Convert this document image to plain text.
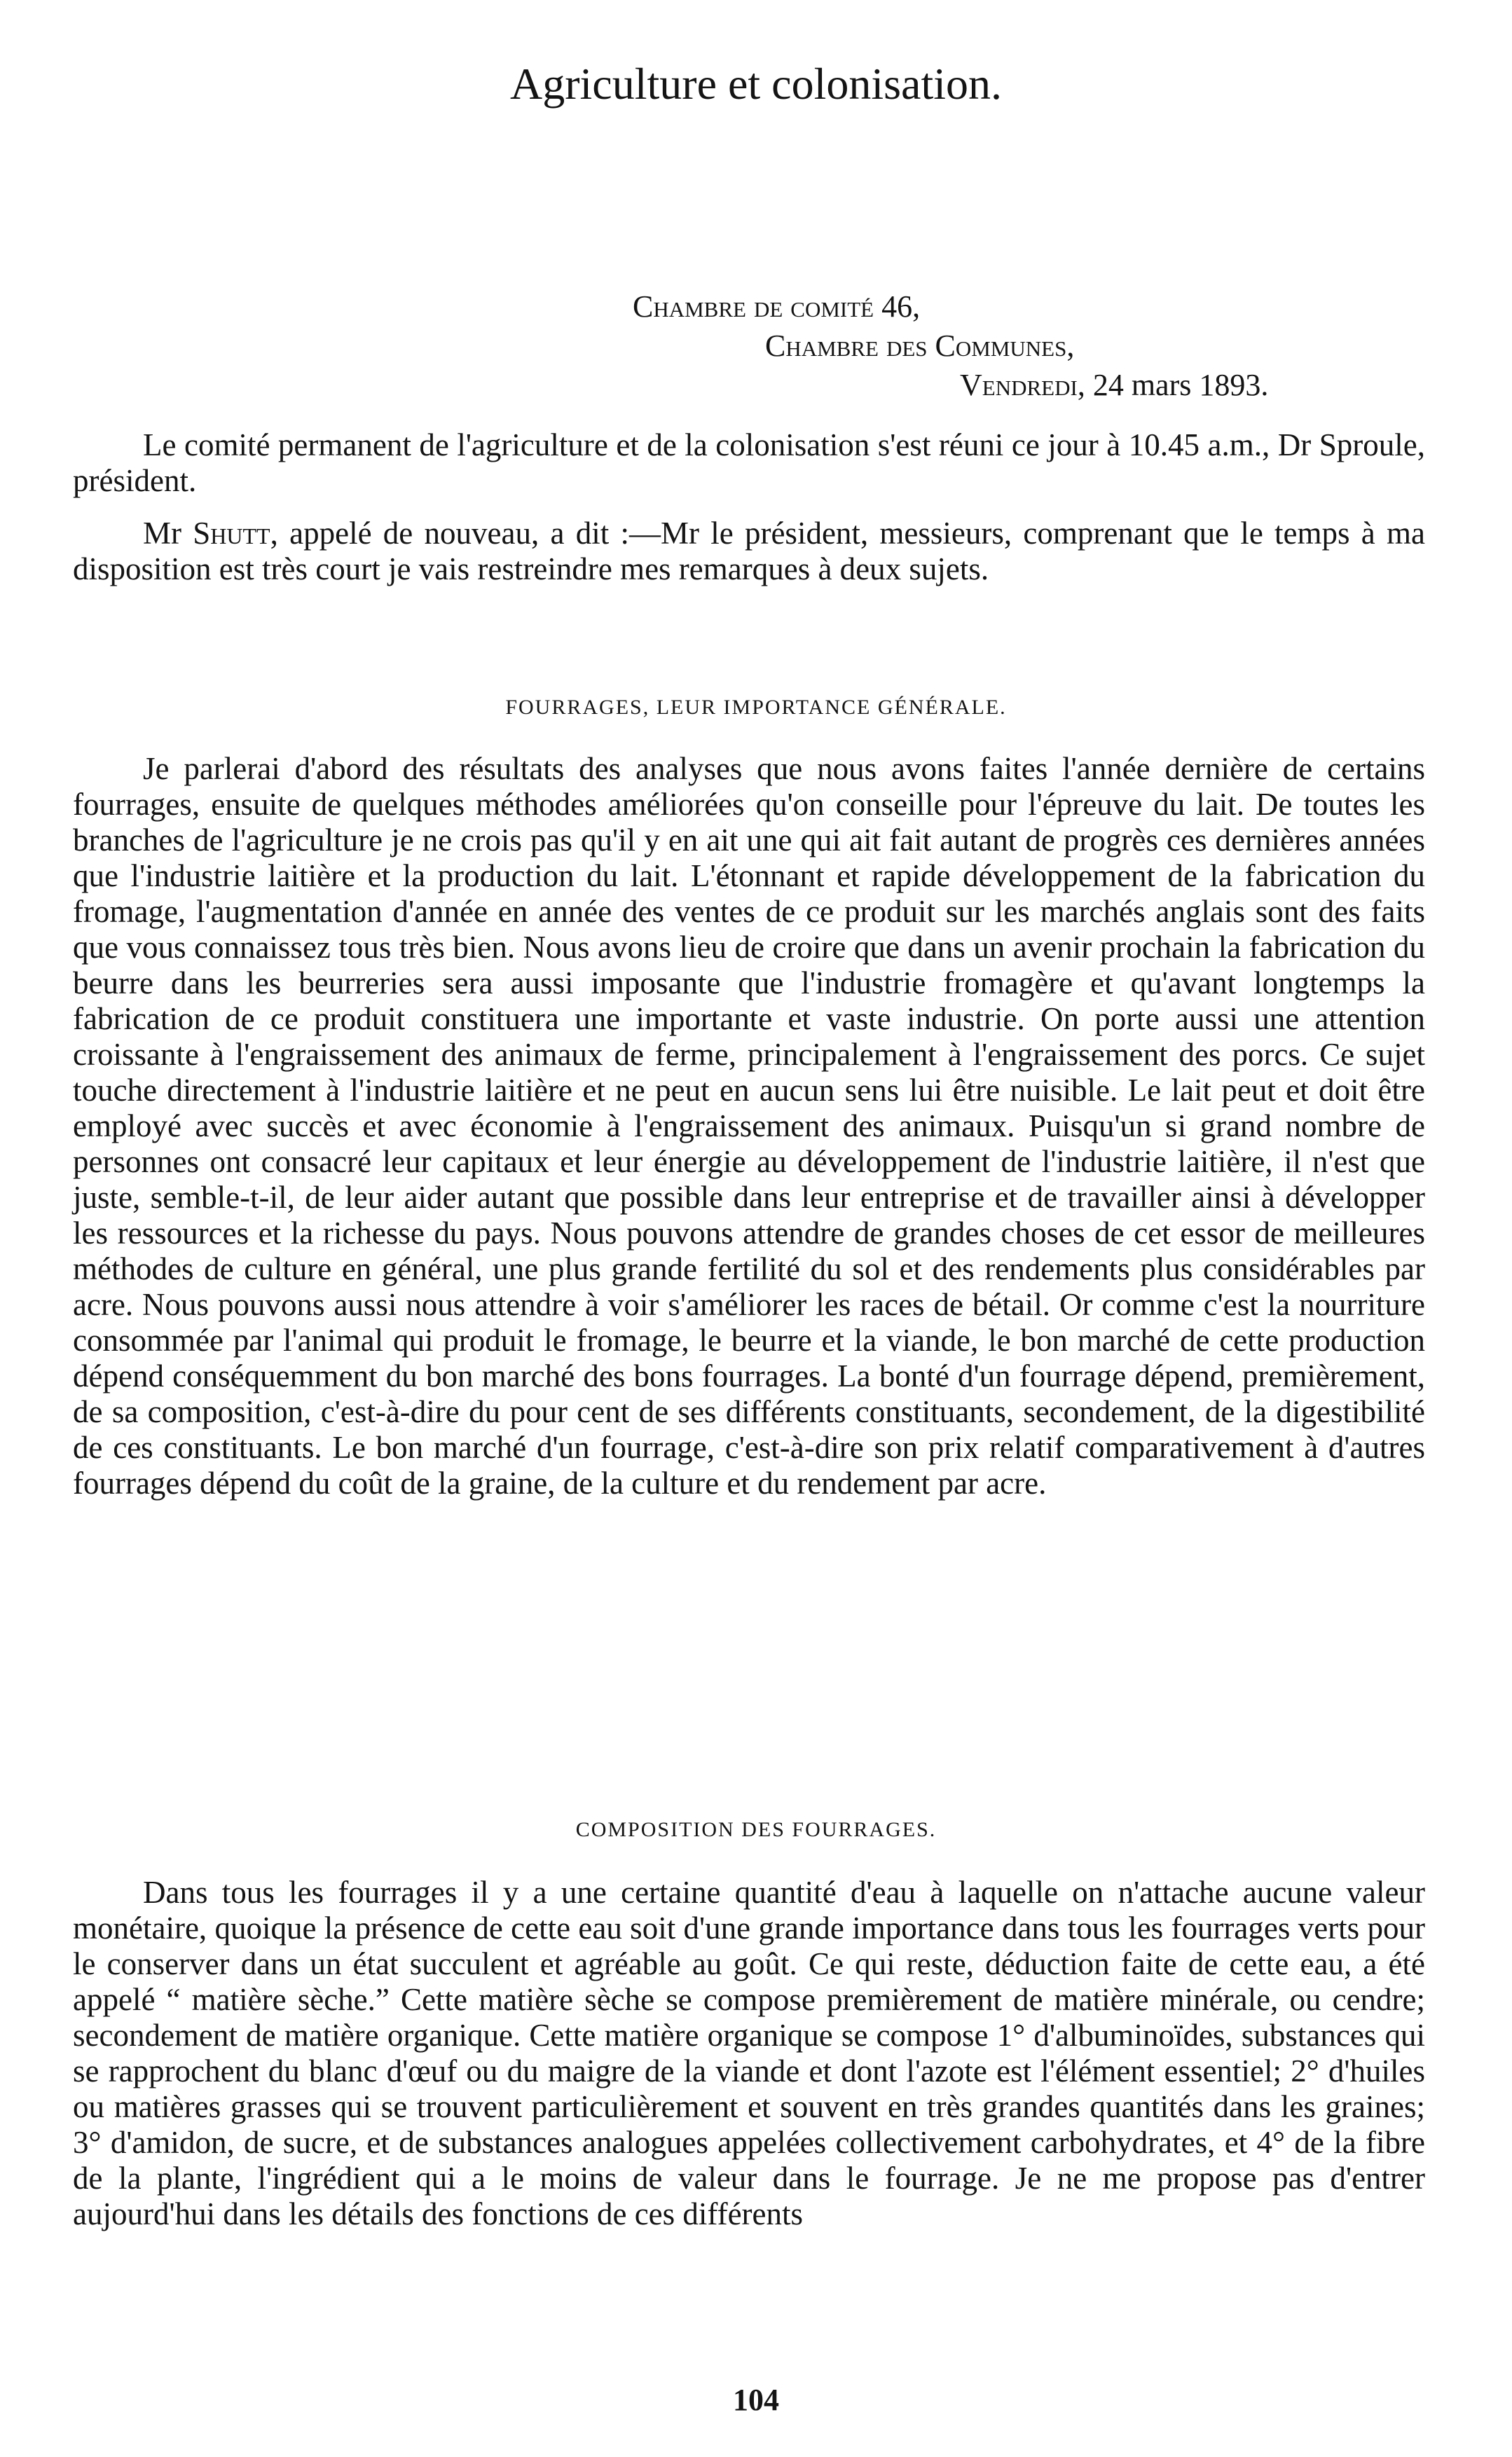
Agriculture et colonisation.
Chambre de comité 46,
Chambre des Communes,
Vendredi, 24 mars 1893.

Le comité permanent de l'agriculture et de la colonisation s'est réuni ce jour à 10.45 a.m., Dr Sproule, président.

Mr Shutt, appelé de nouveau, a dit :—Mr le président, messieurs, comprenant que le temps à ma disposition est très court je vais restreindre mes remarques à deux sujets.

FOURRAGES, LEUR IMPORTANCE GÉNÉRALE.

Je parlerai d'abord des résultats des analyses que nous avons faites l'année dernière de certains fourrages, ensuite de quelques méthodes améliorées qu'on conseille pour l'épreuve du lait. De toutes les branches de l'agriculture je ne crois pas qu'il y en ait une qui ait fait autant de progrès ces dernières années que l'industrie laitière et la production du lait. L'étonnant et rapide développement de la fabrication du fromage, l'augmentation d'année en année des ventes de ce produit sur les marchés anglais sont des faits que vous connaissez tous très bien. Nous avons lieu de croire que dans un avenir prochain la fabrication du beurre dans les beurreries sera aussi imposante que l'industrie fromagère et qu'avant longtemps la fabrication de ce produit constituera une importante et vaste industrie. On porte aussi une attention croissante à l'engraissement des animaux de ferme, principalement à l'engraissement des porcs. Ce sujet touche directement à l'industrie laitière et ne peut en aucun sens lui être nuisible. Le lait peut et doit être employé avec succès et avec économie à l'engraissement des animaux. Puisqu'un si grand nombre de personnes ont consacré leur capitaux et leur énergie au développement de l'industrie laitière, il n'est que juste, semble-t-il, de leur aider autant que possible dans leur entreprise et de travailler ainsi à développer les ressources et la richesse du pays. Nous pouvons attendre de grandes choses de cet essor de meilleures méthodes de culture en général, une plus grande fertilité du sol et des rendements plus considérables par acre. Nous pouvons aussi nous attendre à voir s'améliorer les races de bétail. Or comme c'est la nourriture consommée par l'animal qui produit le fromage, le beurre et la viande, le bon marché de cette production dépend conséquemment du bon marché des bons fourrages. La bonté d'un fourrage dépend, premièrement, de sa composition, c'est-à-dire du pour cent de ses différents constituants, secondement, de la digestibilité de ces constituants. Le bon marché d'un fourrage, c'est-à-dire son prix relatif comparativement à d'autres fourrages dépend du coût de la graine, de la culture et du rendement par acre.

COMPOSITION DES FOURRAGES.

Dans tous les fourrages il y a une certaine quantité d'eau à laquelle on n'attache aucune valeur monétaire, quoique la présence de cette eau soit d'une grande importance dans tous les fourrages verts pour le conserver dans un état succulent et agréable au goût. Ce qui reste, déduction faite de cette eau, a été appelé “ matière sèche.” Cette matière sèche se compose premièrement de matière minérale, ou cendre; secondement de matière organique. Cette matière organique se compose 1° d'albuminoïdes, substances qui se rapprochent du blanc d'œuf ou du maigre de la viande et dont l'azote est l'élément essentiel; 2° d'huiles ou matières grasses qui se trouvent particulièrement et souvent en très grandes quantités dans les graines; 3° d'amidon, de sucre, et de substances analogues appelées collectivement carbohydrates, et 4° de la fibre de la plante, l'ingrédient qui a le moins de valeur dans le fourrage. Je ne me propose pas d'entrer aujourd'hui dans les détails des fonctions de ces différents

104
